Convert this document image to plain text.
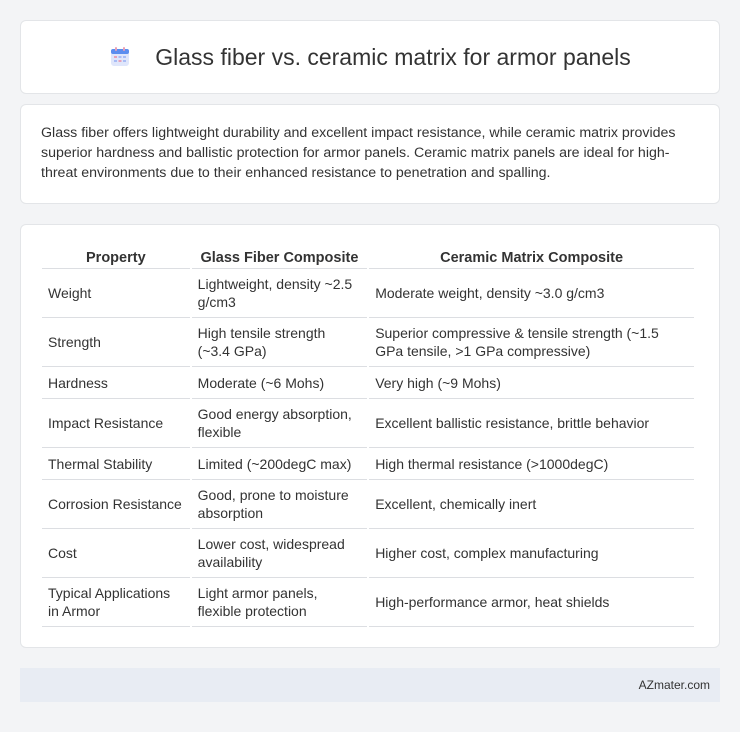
Glass fiber vs. ceramic matrix for armor panels

Glass fiber offers lightweight durability and excellent impact resistance, while ceramic matrix provides superior hardness and ballistic protection for armor panels. Ceramic matrix panels are ideal for high-threat environments due to their enhanced resistance to penetration and spalling.

Property	Glass Fiber Composite	Ceramic Matrix Composite
Weight	Lightweight, density ~2.5 g/cm3	Moderate weight, density ~3.0 g/cm3
Strength	High tensile strength (~3.4 GPa)	Superior compressive & tensile strength (~1.5 GPa tensile, >1 GPa compressive)
Hardness	Moderate (~6 Mohs)	Very high (~9 Mohs)
Impact Resistance	Good energy absorption, flexible	Excellent ballistic resistance, brittle behavior
Thermal Stability	Limited (~200degC max)	High thermal resistance (>1000degC)
Corrosion Resistance	Good, prone to moisture absorption	Excellent, chemically inert
Cost	Lower cost, widespread availability	Higher cost, complex manufacturing
Typical Applications in Armor	Light armor panels, flexible protection	High-performance armor, heat shields
AZmater.com
